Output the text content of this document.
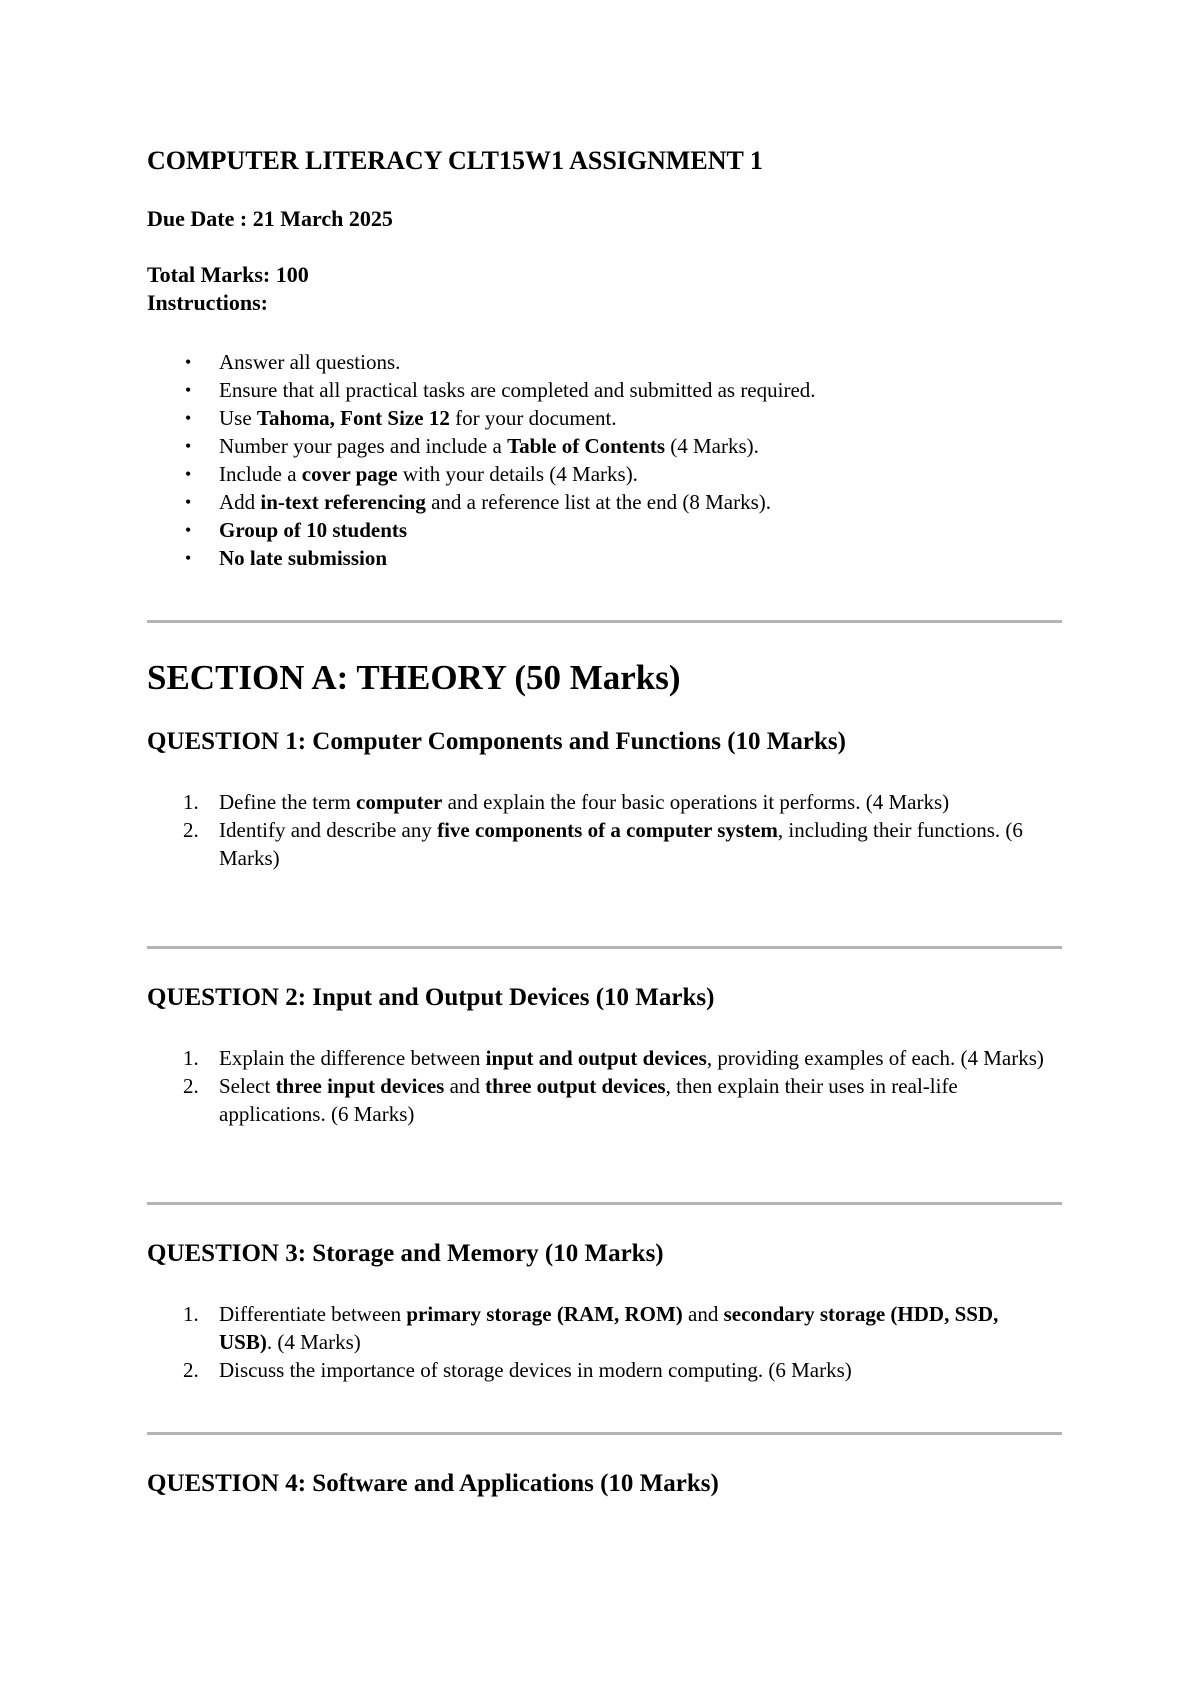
COMPUTER LITERACY CLT15W1 ASSIGNMENT 1
Due Date : 21 March 2025
Total Marks: 100
Instructions:
• Answer all questions.
• Ensure that all practical tasks are completed and submitted as required.
• Use Tahoma, Font Size 12 for your document.
• Number your pages and include a Table of Contents (4 Marks).
• Include a cover page with your details (4 Marks).
• Add in-text referencing and a reference list at the end (8 Marks).
• Group of 10 students
• No late submission
SECTION A: THEORY (50 Marks)
QUESTION 1: Computer Components and Functions (10 Marks)
1. Define the term computer and explain the four basic operations it performs. (4 Marks)
2. Identify and describe any five components of a computer system, including their functions. (6 Marks)
QUESTION 2: Input and Output Devices (10 Marks)
1. Explain the difference between input and output devices, providing examples of each. (4 Marks)
2. Select three input devices and three output devices, then explain their uses in real-life applications. (6 Marks)
QUESTION 3: Storage and Memory (10 Marks)
1. Differentiate between primary storage (RAM, ROM) and secondary storage (HDD, SSD, USB). (4 Marks)
2. Discuss the importance of storage devices in modern computing. (6 Marks)
QUESTION 4: Software and Applications (10 Marks)
